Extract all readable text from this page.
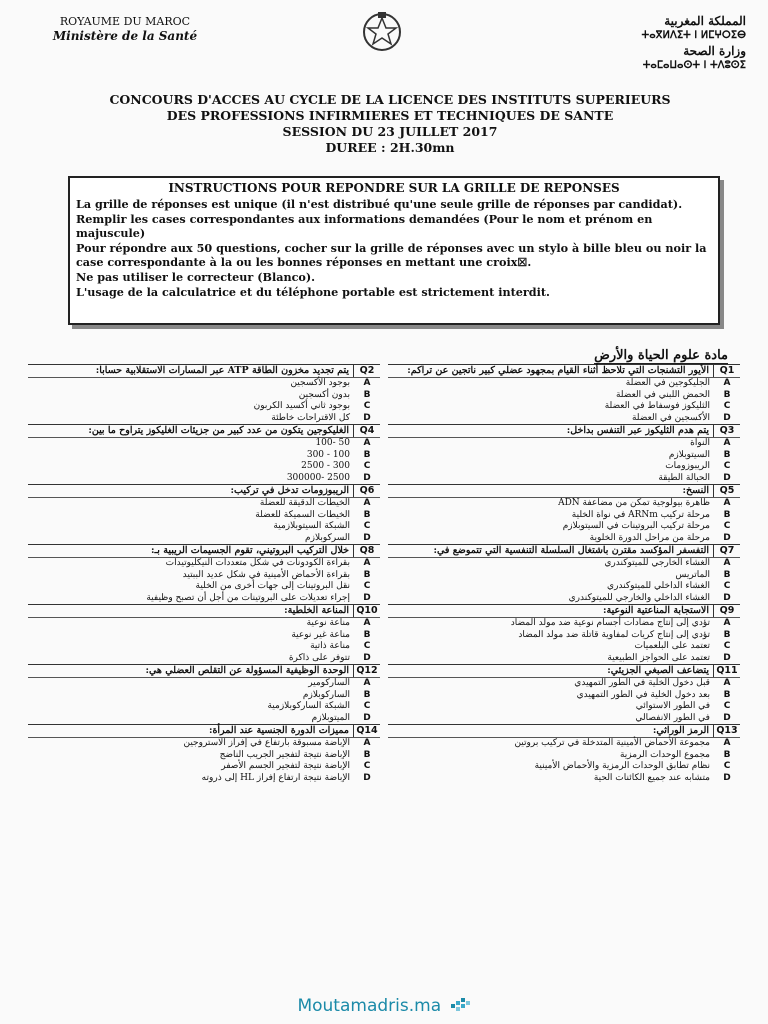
ROYAUME DU MAROC
Ministère de la Santé
المملكة المغربية
ⵜⴰⴳⵍⴷⵉⵜ ⵏ ⵍⵎⵖⵔⵉⴱ
وزارة الصحة
ⵜⴰⵎⴰⵡⴰⵙⵜ ⵏ ⵜⴷⵓⵙⵉ
CONCOURS D'ACCES AU CYCLE DE LA LICENCE DES INSTITUTS SUPERIEURS
DES PROFESSIONS INFIRMIERES ET TECHNIQUES DE SANTE
SESSION DU 23 JUILLET 2017
DUREE : 2H.30mn
INSTRUCTIONS POUR REPONDRE SUR LA GRILLE DE REPONSES

La grille de réponses est unique (il n'est distribué qu'une seule grille de réponses par candidat).

Remplir les cases correspondantes aux informations demandées (Pour le nom et prénom en majuscule)

Pour répondre aux 50 questions, cocher sur la grille de réponses avec un stylo à bille bleu ou noir la case correspondante à la ou les bonnes réponses en mettant une croix☒.

Ne pas utiliser le correcteur (Blanco).

L'usage de la calculatrice et du téléphone portable est strictement interdit.

مادة علوم الحياة والأرض
Q2
يتم تجديد مخزون الطاقة ATP عبر المسارات الاستقلابية حسابا:
A
بوجود الأكسجين
B
بدون أكسجين
C
بوجود ثاني أكسيد الكربون
D
كل الاقتراحات خاطئة
Q4
الغليكوجين يتكون من عدد كبير من جزيئات الغليكوز يتراوح ما بين:
A
50 -100
B
100 - 300
C
300 - 2500
D
2500 -300000
Q6
الريبوزومات تدخل في تركيب:
A
الخيطات الدقيقة للعضلة
B
الخيطات السميكة للعضلة
C
الشبكة السيتوبلازمية
D
السركوبلازم
Q8
خلال التركيب البروتيني، تقوم الجسيمات الريبية بـ:
A
بقراءة الكودونات في شكل متعددات النيكليوتيدات
B
بقراءة الأحماض الأمينية في شكل عديد الببتيد
C
نقل البروتينات إلى جهات أخرى من الخلية
D
إجراء تعديلات على البروتينات من أجل أن تصبح وظيفية
Q10
المناعة الخلطية:
A
مناعة نوعية
B
مناعة غير نوعية
C
مناعة ذاتية
D
تتوفر على ذاكرة
Q12
الوحدة الوظيفية المسؤولة عن التقلص العضلي هي:
A
الساركومير
B
الساركوبلازم
C
الشبكة الساركوبلازمية
D
الميتوبلازم
Q14
مميزات الدورة الجنسية عند المرأة:
A
الإباضة مسبوقة بارتفاع في إفراز الاستروجين
B
الإباضة نتيجة لتفجير الجريب الناضج
C
الإباضة نتيجة لتفجير الجسم الأصفر
D
الإباضة نتيجة ارتفاع إفراز HL إلى ذروته
Q1
الأيور التشنجات التي تلاحظ أثناء القيام بمجهود عضلي كبير ناتجين عن تراكم:
A
الجليكوجين في العضلة
B
الحمض اللبني في العضلة
C
الثليكوز فوسفاط في العضلة
D
الأكسجين في العضلة
Q3
يتم هدم الثليكوز عبر التنفس بداخل:
A
النواة
B
السيتوبلازم
C
الريبوزومات
D
الحبالة الطيقة
Q5
النسخ:
A
ظاهرة بيولوجية تمكن من مضاعفة ADN
B
مرحلة تركيب ARNm في نواة الخلية
C
مرحلة تركيب البروتينات في السيتوبلازم
D
مرحلة من مراحل الدورة الخلوية
Q7
التفسفر المؤكسد مقترن باشتغال السلسلة التنفسية التي تتموضع في:
A
الغشاء الخارجي للميتوكندري
B
الماتريس
C
الغشاء الداخلي للميتوكندري
D
الغشاء الداخلي والخارجي للميتوكندري
Q9
الاستجابة المناعتية النوعية:
A
تؤدي إلى إنتاج مضادات أجسام نوعية ضد مولد المضاد
B
تؤدي إلى إنتاج كريات لمفاوية قاتلة ضد مولد المضاد
C
تعتمد على البلعميات
D
تعتمد على الحواجز الطبيعية
Q11
يتضاعف الصبغي الجزيئي:
A
قبل دخول الخلية في الطور التمهيدي
B
بعد دخول الخلية في الطور التمهيدي
C
في الطور الاستوائي
D
في الطور الانفصالي
Q13
الرمز الوراثي:
A
مجموعة الأحماض الأمينية المتدخلة في تركيب بروتين
B
مجموع الوحدات الرمزية
C
نظام تطابق الوحدات الرمزية والأحماض الأمينية
D
متشابه عند جميع الكائنات الحية
Moutamadris.ma
